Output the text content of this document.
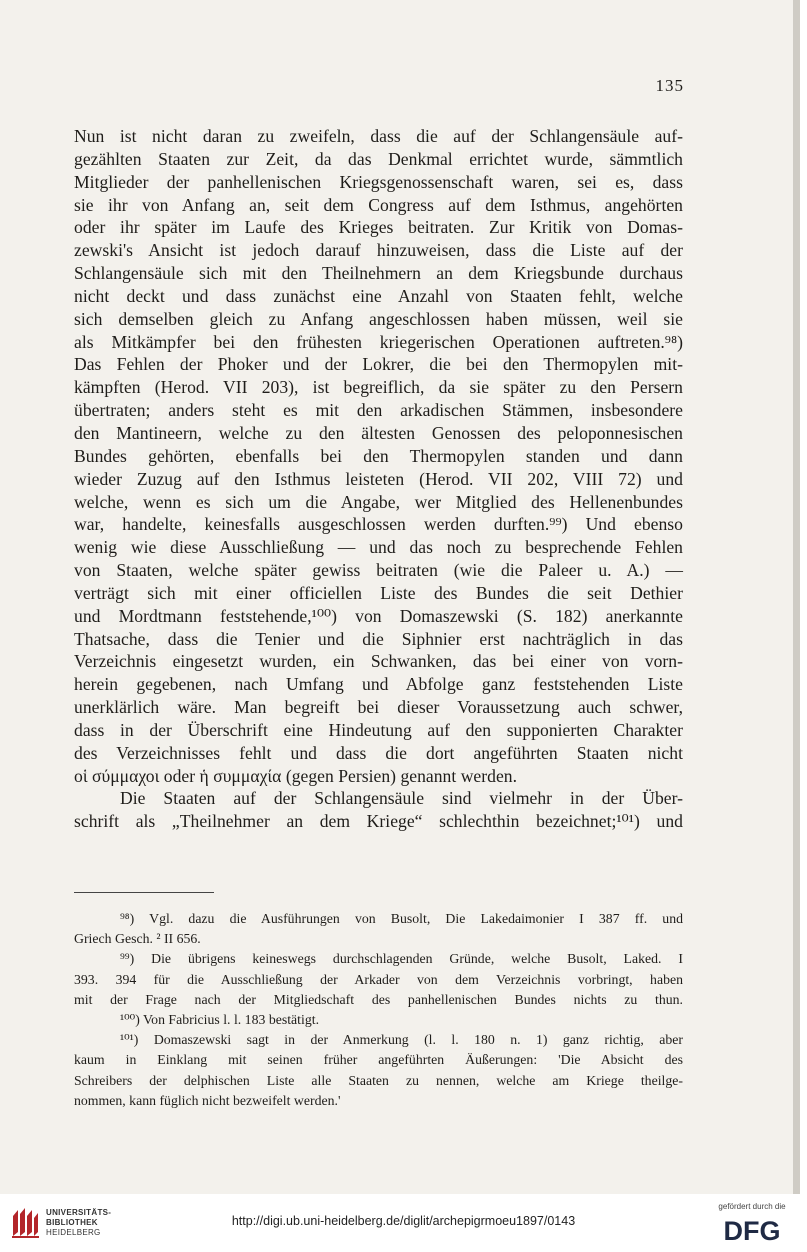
135
Nun ist nicht daran zu zweifeln, dass die auf der Schlangensäule auf-
gezählten Staaten zur Zeit, da das Denkmal errichtet wurde, sämmtlich
Mitglieder der panhellenischen Kriegsgenossenschaft waren, sei es, dass
sie ihr von Anfang an, seit dem Congress auf dem Isthmus, angehörten
oder ihr später im Laufe des Krieges beitraten. Zur Kritik von Domas-
zewski's Ansicht ist jedoch darauf hinzuweisen, dass die Liste auf der
Schlangensäule sich mit den Theilnehmern an dem Kriegsbunde durchaus
nicht deckt und dass zunächst eine Anzahl von Staaten fehlt, welche
sich demselben gleich zu Anfang angeschlossen haben müssen, weil sie
als Mitkämpfer bei den frühesten kriegerischen Operationen auftreten.⁹⁸)
Das Fehlen der Phoker und der Lokrer, die bei den Thermopylen mit-
kämpften (Herod. VII 203), ist begreiflich, da sie später zu den Persern
übertraten; anders steht es mit den arkadischen Stämmen, insbesondere
den Mantineern, welche zu den ältesten Genossen des peloponnesischen
Bundes gehörten, ebenfalls bei den Thermopylen standen und dann
wieder Zuzug auf den Isthmus leisteten (Herod. VII 202, VIII 72) und
welche, wenn es sich um die Angabe, wer Mitglied des Hellenenbundes
war, handelte, keinesfalls ausgeschlossen werden durften.⁹⁹) Und ebenso
wenig wie diese Ausschließung — und das noch zu besprechende Fehlen
von Staaten, welche später gewiss beitraten (wie die Paleer u. A.) —
verträgt sich mit einer officiellen Liste des Bundes die seit Dethier
und Mordtmann feststehende,¹⁰⁰) von Domaszewski (S. 182) anerkannte
Thatsache, dass die Tenier und die Siphnier erst nachträglich in das
Verzeichnis eingesetzt wurden, ein Schwanken, das bei einer von vorn-
herein gegebenen, nach Umfang und Abfolge ganz feststehenden Liste
unerklärlich wäre. Man begreift bei dieser Voraussetzung auch schwer,
dass in der Überschrift eine Hindeutung auf den supponierten Charakter
des Verzeichnisses fehlt und dass die dort angeführten Staaten nicht
οἱ σύμμαχοι oder ἡ συμμαχία (gegen Persien) genannt werden.
Die Staaten auf der Schlangensäule sind vielmehr in der Über-
schrift als „Theilnehmer an dem Kriege“ schlechthin bezeichnet;¹⁰¹) und
⁹⁸) Vgl. dazu die Ausführungen von Busolt, Die Lakedaimonier I 387 ff. und
Griech Gesch. ² II 656.
⁹⁹) Die übrigens keineswegs durchschlagenden Gründe, welche Busolt, Laked. I
393. 394 für die Ausschließung der Arkader von dem Verzeichnis vorbringt, haben
mit der Frage nach der Mitgliedschaft des panhellenischen Bundes nichts zu thun.
¹⁰⁰) Von Fabricius l. l. 183 bestätigt.
¹⁰¹) Domaszewski sagt in der Anmerkung (l. l. 180 n. 1) ganz richtig, aber
kaum in Einklang mit seinen früher angeführten Äußerungen: 'Die Absicht des
Schreibers der delphischen Liste alle Staaten zu nennen, welche am Kriege theilge-
nommen, kann füglich nicht bezweifelt werden.'
UNIVERSITÄTS-
BIBLIOTHEK
HEIDELBERG
http://digi.ub.uni-heidelberg.de/diglit/archepigrmoeu1897/0143
gefördert durch die
DFG
